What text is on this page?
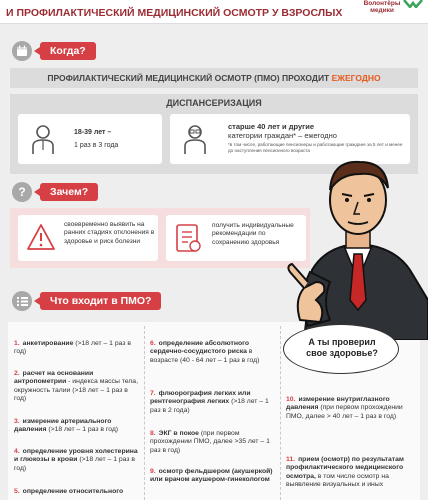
И ПРОФИЛАКТИЧЕСКИЙ МЕДИЦИНСКИЙ ОСМОТР У ВЗРОСЛЫХ
Волонтёры медики
Когда?
ПРОФИЛАКТИЧЕСКИЙ МЕДИЦИНСКИЙ ОСМОТР (ПМО) ПРОХОДИТ ЕЖЕГОДНО
ДИСПАНСЕРИЗАЦИЯ
18-39 лет –
1 раз в 3 года
старше 40 лет и другие
категории граждан* – ежегодно
*в том числе, работающие пенсионеры и работающие граждане за 5 лет и менее до наступления пенсионного возраста
?	Зачем?
своевременно выявить на ранних стадиях отклонения в здоровье и риск болезни
получить индивидуальные рекомендации по сохранению здоровья
Что входит в ПМО?
1. анкетирование (>18 лет – 1 раз в год)
2. расчет на основании антропометрии - индекса массы тела, окружность талии (>18 лет – 1 раз в год)
3. измерение артериального давления (>18 лет – 1 раз в год)
4. определение уровня холестерина и глюкозы в крови (>18 лет – 1 раз в год)
5. определение относительного
6. определение абсолютного сердечно-сосудистого риска в возрасте (40 - 64 лет – 1 раз в год)
7. флюорография легких или рентгенография легких (>18 лет – 1 раз в 2 года)
8. ЭКГ в покое (при первом прохождении ПМО, далее >35 лет – 1 раз в год)
9. осмотр фельдшером (акушеркой) или врачом акушером-гинекологом
10. измерение внутриглазного давления (при первом прохождении ПМО, далее > 40 лет – 1 раз в год)
11. прием (осмотр) по результатам профилактического медицинского осмотра, в том числе осмотр на выявление визуальных и иных
А ты проверил свое здоровье?
